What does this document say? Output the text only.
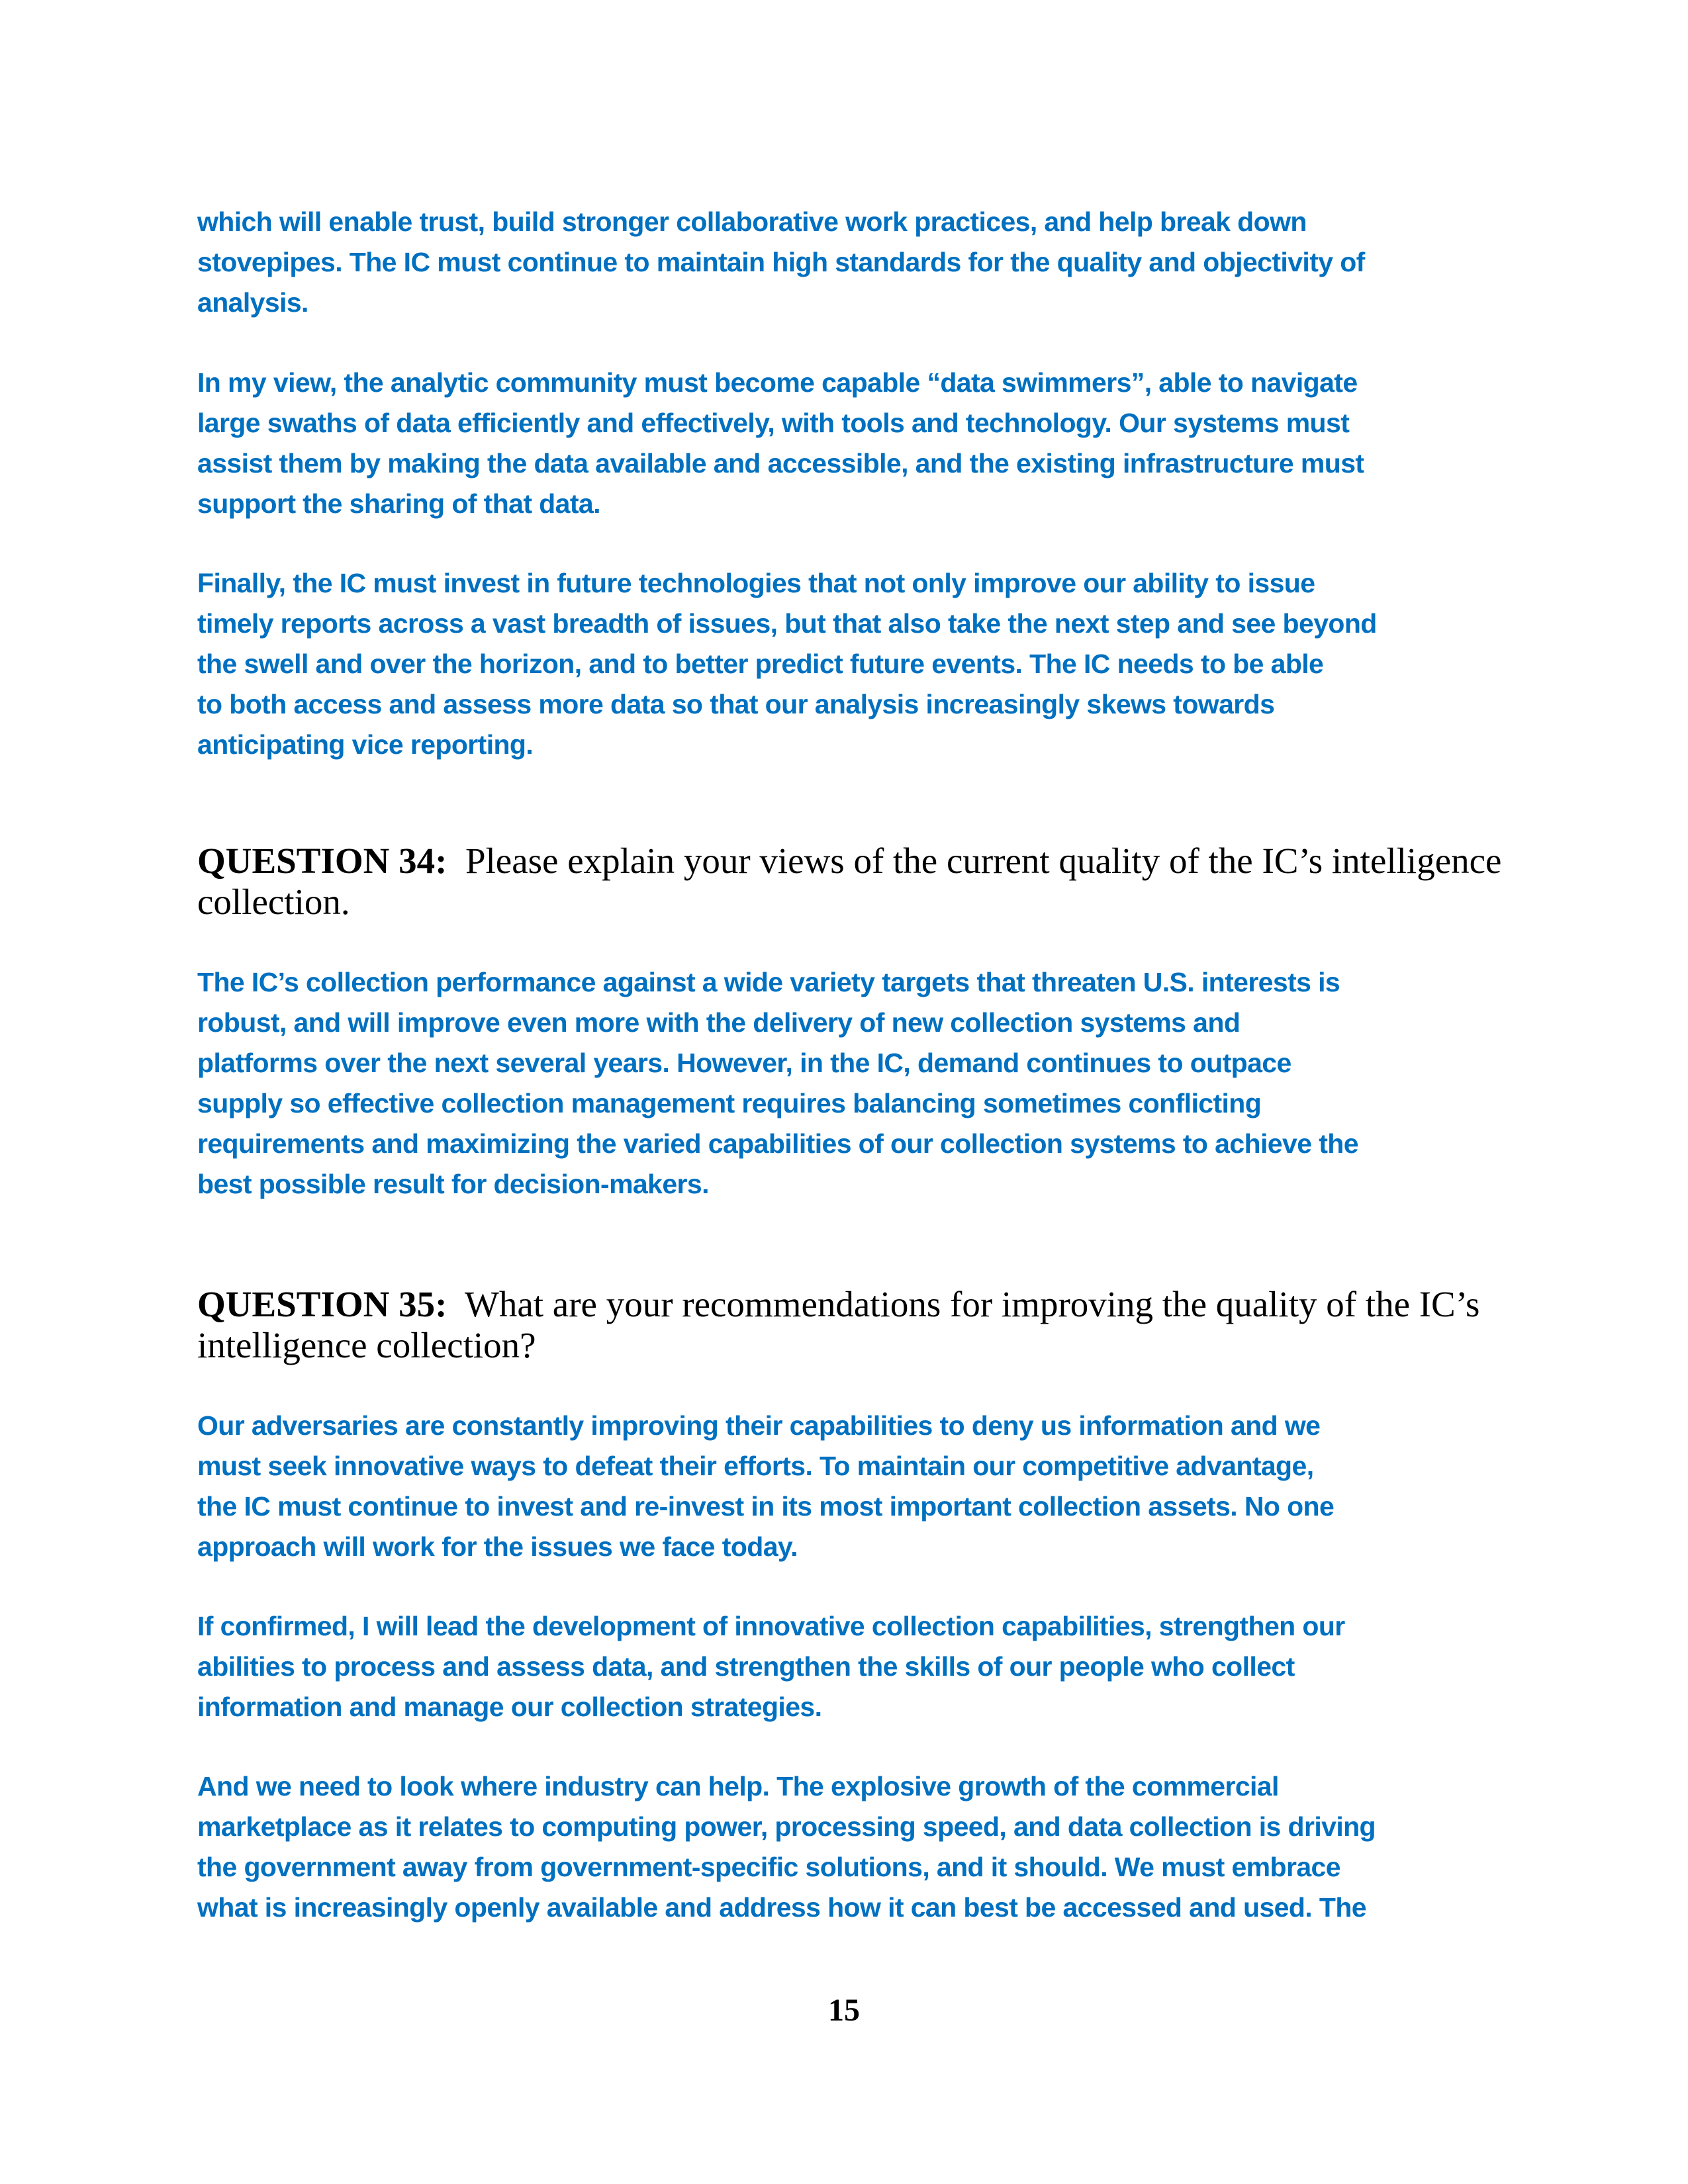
which will enable trust, build stronger collaborative work practices, and help break down
stovepipes. The IC must continue to maintain high standards for the quality and objectivity of
analysis.
In my view, the analytic community must become capable “data swimmers”, able to navigate
large swaths of data efficiently and effectively, with tools and technology. Our systems must
assist them by making the data available and accessible, and the existing infrastructure must
support the sharing of that data.
Finally, the IC must invest in future technologies that not only improve our ability to issue
timely reports across a vast breadth of issues, but that also take the next step and see beyond
the swell and over the horizon, and to better predict future events. The IC needs to be able
to both access and assess more data so that our analysis increasingly skews towards
anticipating vice reporting.
QUESTION 34: Please explain your views of the current quality of the IC’s intelligence
collection.
The IC’s collection performance against a wide variety targets that threaten U.S. interests is
robust, and will improve even more with the delivery of new collection systems and
platforms over the next several years. However, in the IC, demand continues to outpace
supply so effective collection management requires balancing sometimes conflicting
requirements and maximizing the varied capabilities of our collection systems to achieve the
best possible result for decision-makers.
QUESTION 35: What are your recommendations for improving the quality of the IC’s
intelligence collection?
Our adversaries are constantly improving their capabilities to deny us information and we
must seek innovative ways to defeat their efforts. To maintain our competitive advantage,
the IC must continue to invest and re-invest in its most important collection assets. No one
approach will work for the issues we face today.
If confirmed, I will lead the development of innovative collection capabilities, strengthen our
abilities to process and assess data, and strengthen the skills of our people who collect
information and manage our collection strategies.
And we need to look where industry can help. The explosive growth of the commercial
marketplace as it relates to computing power, processing speed, and data collection is driving
the government away from government-specific solutions, and it should. We must embrace
what is increasingly openly available and address how it can best be accessed and used. The
15
